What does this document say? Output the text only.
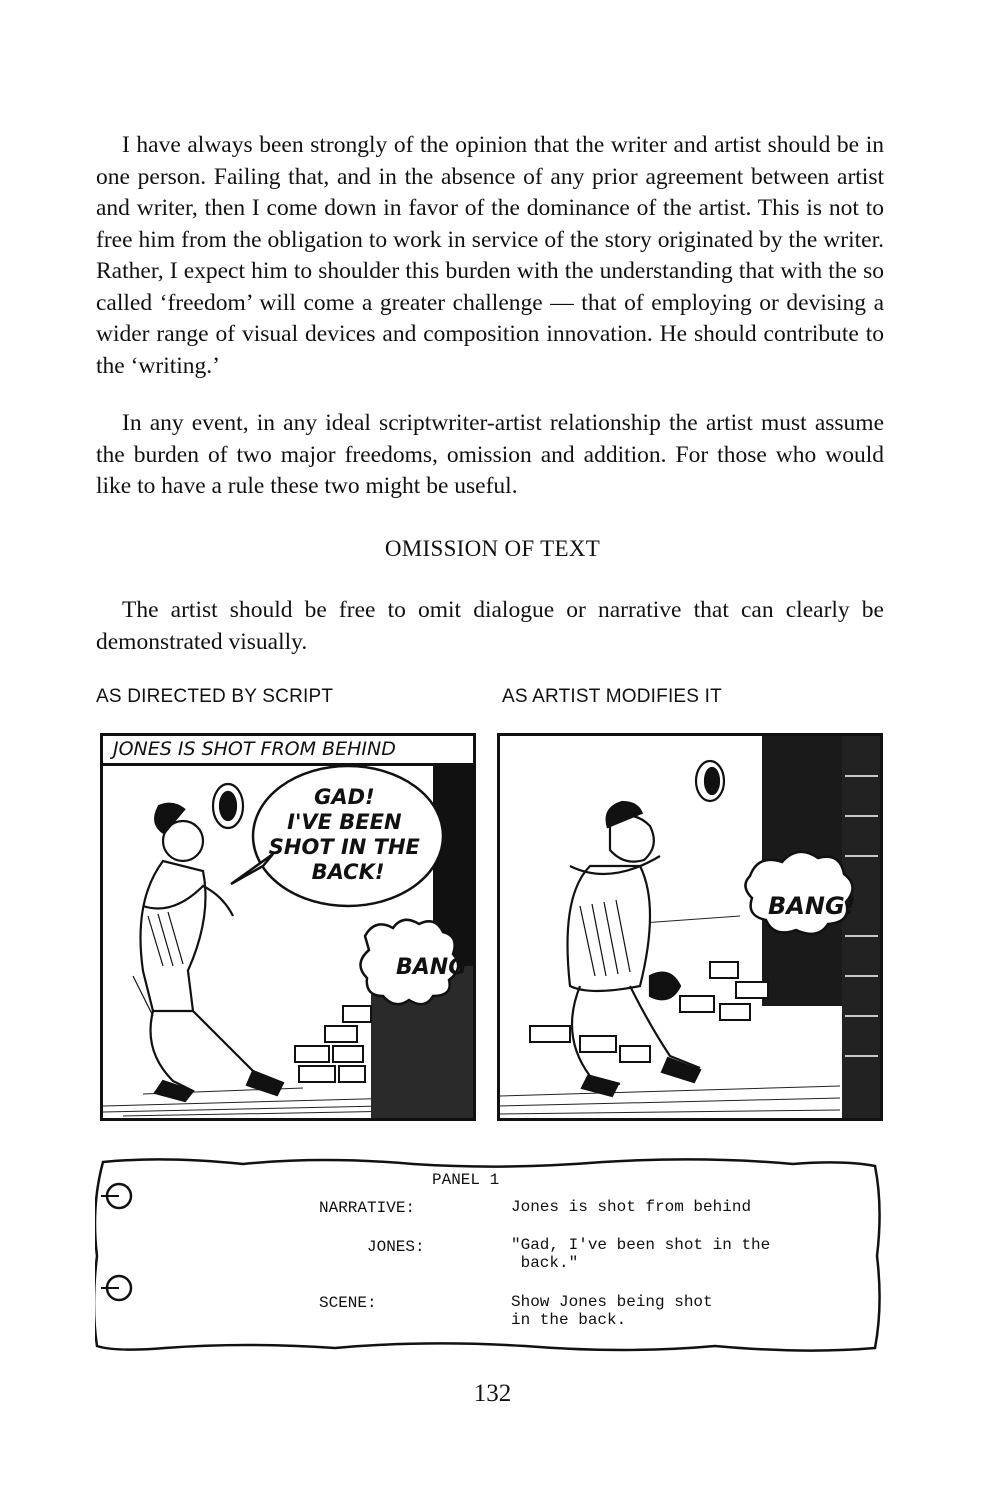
I have always been strongly of the opinion that the writer and artist should be in one person. Failing that, and in the absence of any prior agreement between artist and writer, then I come down in favor of the dominance of the artist. This is not to free him from the obligation to work in service of the story originated by the writer. Rather, I expect him to shoulder this burden with the understanding that with the so called ‘freedom’ will come a greater challenge — that of employing or devising a wider range of visual devices and composition innovation. He should contribute to the ‘writing.’

In any event, in any ideal scriptwriter-artist relationship the artist must assume the burden of two major freedoms, omission and addition. For those who would like to have a rule these two might be useful.

OMISSION OF TEXT

The artist should be free to omit dialogue or narrative that can clearly be demonstrated visually.

AS DIRECTED BY SCRIPT	AS ARTIST MODIFIES IT
JONES IS SHOT FROM BEHIND
BANG
GAD! I'VE BEEN SHOT IN THE BACK!
BANG!
PANEL 1
NARRATIVE:	Jones is shot from behind
JONES:	"Gad, I've been shot in the
back."
SCENE:	Show Jones being shot
in the back.
132
